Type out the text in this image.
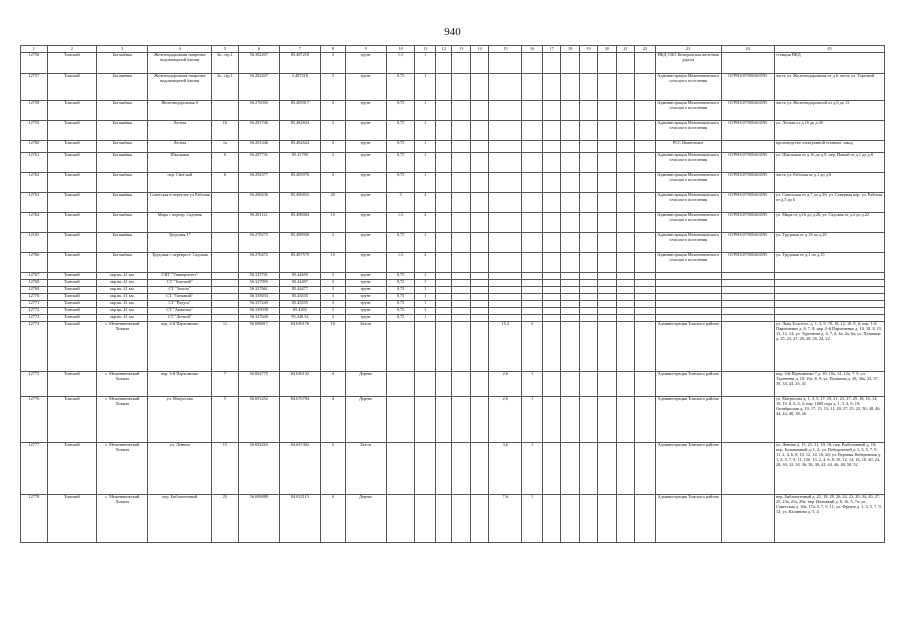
940
1	2	3	4	5	6	7	8	9	10	11	12	13	14	15	16	17	18	19	20	21	22	23	24	25
12756	Томский	Богашёвка	Железнодорожная напротив водонапорной башни	3п. стр.1	56.382207	85.487218	3	грунт	1,5	1												РЖД ОАО Кемеровская железная дорога		станция РЖД
12757	Томский	Богашёвка	Железнодорожная напротив водонапорной башни	3п. стр.1	56.282207	5.487218	3	грунт	0,75	1												Администрация Межениновского сельского поселения	ОГРН1057000463595	часть ул. Железнодорожная от д.6. часть ул. Торговой
12758	Томский	Богашёвка	Железнодорожная б		56.276592	85.485917	3	грунт	0,75	1												Администрация Межениновского сельского поселения	ОГРН1057000463595	часть ул. Железнодорожной от д.6 до 13
12759	Томский	Богашёвка	Лесная	16	56.281746	85.482824	3	грунт	0,75	1												Администрация Межениновского сельского поселения	ОГРН1057000463595	ул. Лесная от д.16 до д.30
12760	Томский	Богашёвка	Лесная	1а	56.281346	85.482624	3	грунт	0,75	1												РСС Ивановское		производство электронной техники, завод
12761	Томский	Богашёвка	Школьная	6	56.287731	85.41790	3	грунт	0,75	1												Администрация Межениновского сельского поселения	ОГРН1057000463595	ул. Школьная от д.16 до д.8. пер. Новый от д.1 до д.8
12762	Томский	Богашёвка	пер. Светлый	6	56.292377	85.485976	3	грунт	0,75	1												Администрация Межениновского сельского поселения	ОГРН1057000463595	часть ул. Рабочая от д.1 до д.6
12763	Томский	Богашёвка	Советская в переулке ул.Рабочая		56.286236	85.496852	20	грунт	3	4												Администрация Межениновского сельского поселения	ОГРН1057000463595	ул. Советская от д.7 до д.26, ул. Северная пер. ул. Рабочая от д.5 до 6
12764	Томский	Богашёвка	Мира с перехр. Садовая		56.281121	85.498004	10	грунт	1,5	2												Администрация Межениновского сельского поселения	ОГРН1057000463595	ул. Мира от д.16 до д.26, ул. Садовая от д.2 до д.22
12165	Томский	Богашёвка	Трудовая,17		56.278275	85.498930	3	грунт	0,75	1												Администрация Межениновского сельского поселения	ОГРН1057000463595	ул. Трудовая от д.18 по д.20
12766	Томский	Богашёвка	Трудовая с перекрест. Садовая		56.276472	85.497579	10	грунт	1,5	2												Администрация Межениновского сельского поселения	ОГРН1057000463595	ул. Трудовая от д.1 по д.15
12767	Томский	окр.вк. 41 км.	СНТ "Университет"		56.315701	85.44659	3	грунт	0,75	1														
12768	Томский	окр.вк. 41 км.	СТ "Томский"		56.327995	85.44497	3	грунт	0,75	1														
12769	Томский	окр.вк. 41 км.	СТ "Золото"		56.327661	85.44477	3	грунт	0,75	1														
12770	Томский	окр.вк. 41 км.	СТ "Таежный"		56.335033	85.43535	3	грунт	0,75	1														
12771	Томский	окр.вк. 41 км.	СТ "Радуга"		56.337249	85.45555	3	грунт	0,75	1														
12772	Томский	окр.вк. 41 км.	СТ "Анжелка"		56.329038	85.4492	3	грунт	0,75	1														
12773	Томский	окр.вк. 41 км.	СТ "Лесной"		56.327649	85.448.52	3	грунт	0,75	1														
12774	Томский	с. Межениновский Хозяин	пер. 2-й Пархоменко	11	56.696817	84.636176	10	Бетон						15,2	2							Администрация Томского района		ул. Льва Толстого, д. 1, 3, 9, 78, 18, 12, 10, 8, 6; пер. 1-й Пархоменко д. 6, 7, 8; пер. 2-й Пархоменко д. 10, 18, 8, 15, 13, 12, 14; ул. Тургенева д. 4, 7, 6, 4а, 2а, 6а; ул. Пушкина д. 25, 23, 27, 29, 28, 26, 24, 22
12775	Томский	с. Межениновский Хозяин	пер. 3-й Пархоменко	7	56.692775	84.636132	4	Дерево						2,6	1							Администрация Томского района		пер. 3-й Пархоменко 7 д. 10, 10а, 12, 12а, 7, 5; ул. Тургенева д. 10, 10а, 8, 9; ул. Пушкина д. 38, 30а, 33, 37, 39, 34, 43, 45, 41
12776	Томский	с. Межениновский Хозяин	ул. Матросова	5	56.691252	84.676784	4	Дерево						2,6	1							Администрация Томского района		ул. Матросова д. 1, 3, 5, 17, 19, 21, 23, 27, 29, 18, 16, 14, 10, 10, 8, 6, 4, 2; пер. 1689 года д. 1, 3, 4, 6, 10; Октябрьская д. 19, 17, 15, 13, 11, 20, 27, 25, 23, 50, 48, 46, 44, 42, 40, 38, 26
12777	Томский	с. Межениновский Хозяин	ул. Ленина	15	56.692263	84.637402	5	Бетон						3,6	1							Администрация Томского района		ул. Ленина д. 15, 21, 11, 10, 16; пер. Рыболовный д. 16; пер. Больничный д. 1, 2; ул. Победителей д. 1, 3, 5, 7, 9, 11, 2, 4, 6, 8, 10, 12, 14, 16, 20; ул. Верхняя Набережная д. 1, 3, 5, 7, 9, 11, 15б, 13, 2, 4, 6, 8, 10, 12, 14, 16, 18, 20, 24, 28, 30, 32, 34, 36, 38, 40, 42, 44, 46, 48, 50, 52
12778	Томский	с. Межениновский Хозяин	пер. Библиотечный	25	56.696889	84.632115	6	Дерево						7,6	1							Администрация Томского района		пер. Библиотечный д. 22, 19, 28, 26, 24, 22, 20, 34, 20, 27, 25, 23а, 21а, 29а; пер. Наливкий д. 8, 16, 5, 7а; ул. Советская д. 10а, 17а, 5, 7, 9, 11; ул. Фрунзе д. 1, 3, 5, 7, 9, 12; ул. Калинина д. 5, 4
